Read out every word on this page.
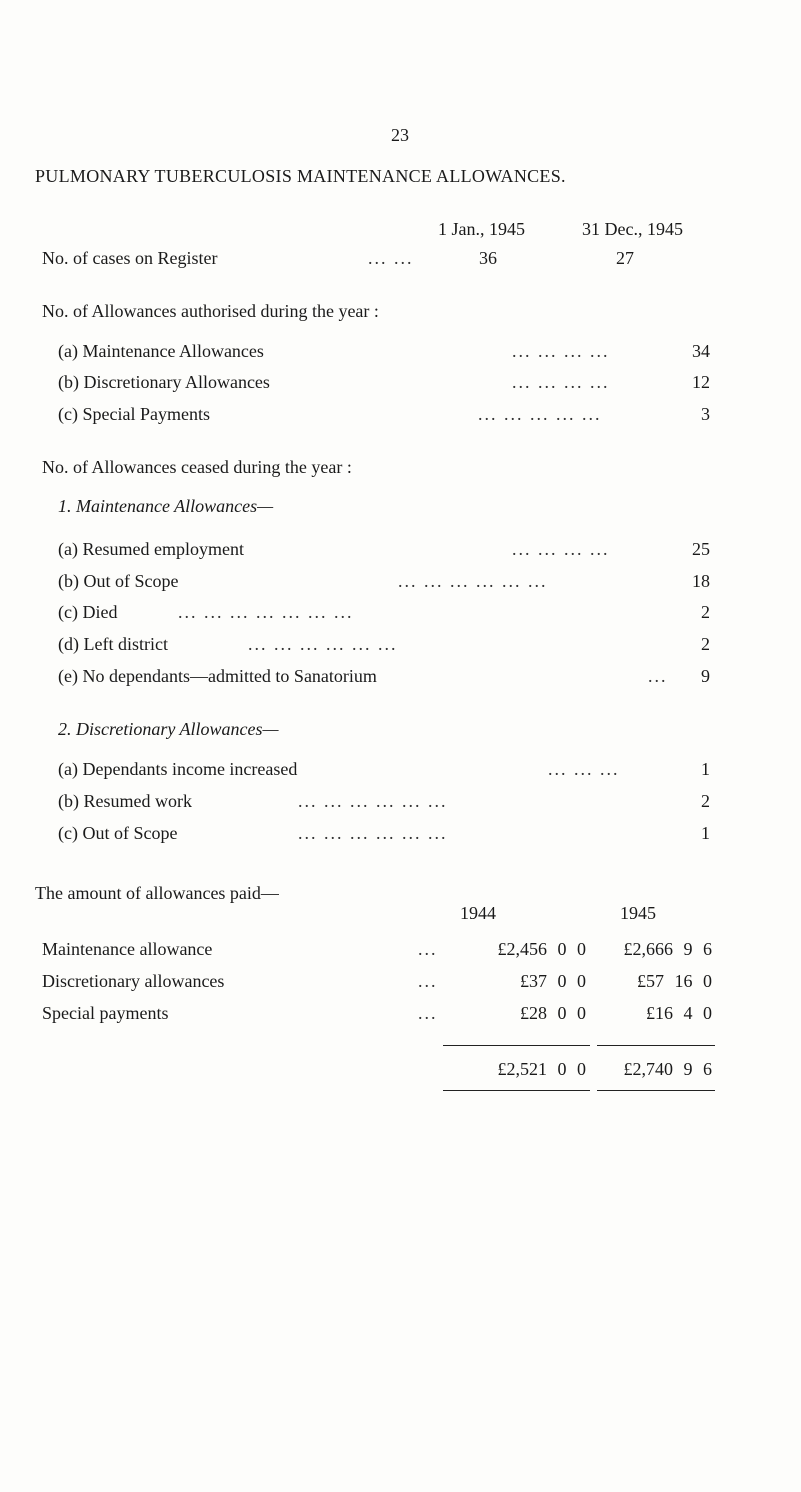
23
PULMONARY TUBERCULOSIS MAINTENANCE ALLOWANCES.
1 Jan., 1945	31 Dec., 1945
No. of cases on Register	... ...	36	27
No. of Allowances authorised during the year :
(a) Maintenance Allowances	... ... ... ...	34
(b) Discretionary Allowances	... ... ... ...	12
(c) Special Payments	... ... ... ... ...	3
No. of Allowances ceased during the year :
1. Maintenance Allowances—
(a) Resumed employment	... ... ... ...	25
(b) Out of Scope	... ... ... ... ... ...	18
(c) Died	... ... ... ... ... ... ...	2
(d) Left district	... ... ... ... ... ...	2
(e) No dependants—admitted to Sanatorium	...	9
2. Discretionary Allowances—
(a) Dependants income increased	... ... ...	1
(b) Resumed work	... ... ... ... ... ...	2
(c) Out of Scope	... ... ... ... ... ...	1
The amount of allowances paid—
1944	1945
Maintenance allowance	...	£2,456 0 0	£2,666 9 6
Discretionary allowances	...	£37 0 0	£57 16 0
Special payments	...	£28 0 0	£16 4 0
£2,521 0 0	£2,740 9 6
